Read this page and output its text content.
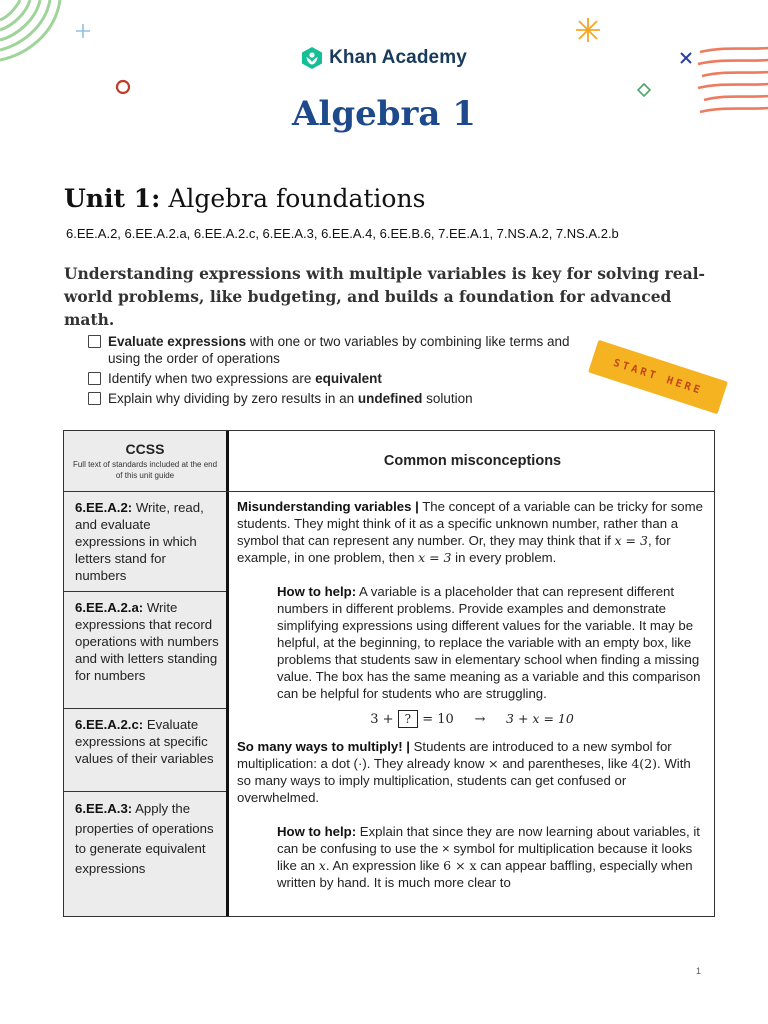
Khan Academy
Algebra 1
Unit 1: Algebra foundations
6.EE.A.2, 6.EE.A.2.a, 6.EE.A.2.c, 6.EE.A.3, 6.EE.A.4, 6.EE.B.6, 7.EE.A.1, 7.NS.A.2, 7.NS.A.2.b

Understanding expressions with multiple variables is key for solving real-world problems, like budgeting, and builds a foundation for advanced math.

Evaluate expressions with one or two variables by combining like terms and using the order of operations
Identify when two expressions are equivalent
Explain why dividing by zero results in an undefined solution
START HERE
CCSS
Full text of standards included at the end of this unit guide
Common misconceptions
6.EE.A.2: Write, read, and evaluate expressions in which letters stand for numbers
6.EE.A.2.a: Write expressions that record operations with numbers and with letters standing for numbers
6.EE.A.2.c: Evaluate expressions at specific values of their variables
6.EE.A.3: Apply the properties of operations to generate equivalent expressions

Misunderstanding variables | The concept of a variable can be tricky for some students. They might think of it as a specific unknown number, rather than a symbol that can represent any number. Or, they may think that if x = 3, for example, in one problem, then x = 3 in every problem.

How to help: A variable is a placeholder that can represent different numbers in different problems. Provide examples and demonstrate simplifying expressions using different values for the variable. It may be helpful, at the beginning, to replace the variable with an empty box, like problems that students saw in elementary school when finding a missing value. The box has the same meaning as a variable and this comparison can be helpful for students who are struggling.

3 + ? = 10 → 3 + x = 10

So many ways to multiply! | Students are introduced to a new symbol for multiplication: a dot (·). They already know × and parentheses, like 4(2). With so many ways to imply multiplication, students can get confused or overwhelmed.

How to help: Explain that since they are now learning about variables, it can be confusing to use the × symbol for multiplication because it looks like an x. An expression like 6 × x can appear baffling, especially when written by hand. It is much more clear to

1
